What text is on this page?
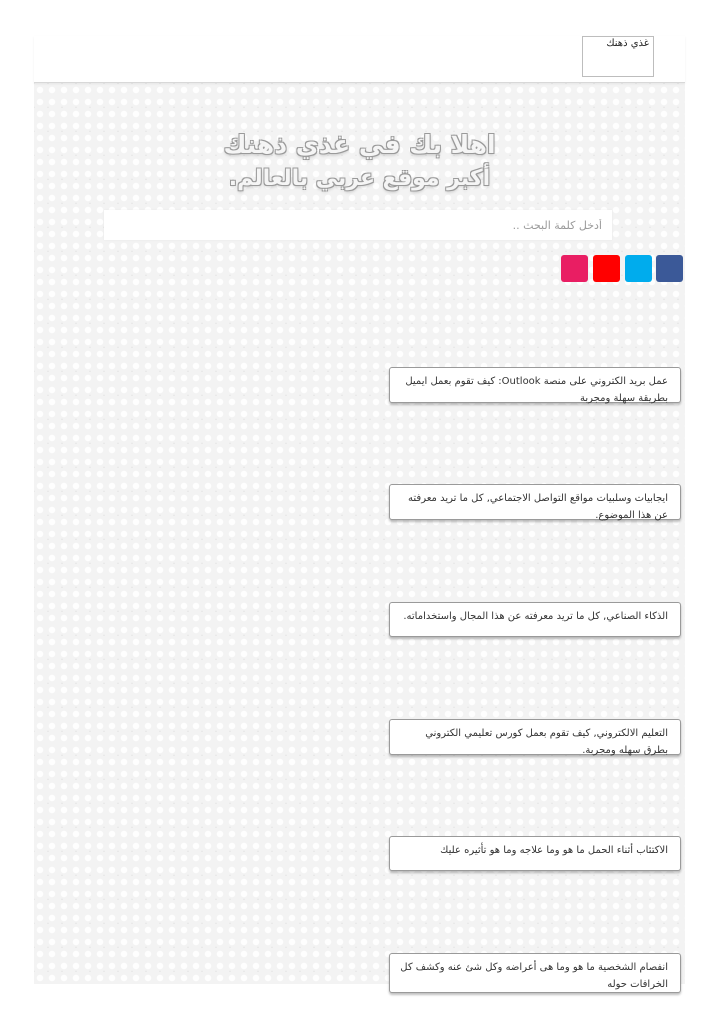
غذي ذهنك
اهلا بك في غذي ذهنك
أكبر موقع عربي بالعالم.
أدخل كلمة البحث ..
عمل بريد الكتروني على منصة Outlook: كيف تقوم بعمل ايميل بطريقة سهلة ومجربة
ايجابيات وسلبيات مواقع التواصل الاجتماعي, كل ما تريد معرفته عن هذا الموضوع.
الذكاء الصناعي, كل ما تريد معرفته عن هذا المجال واستخداماته.
التعليم الالكتروني, كيف تقوم بعمل كورس تعليمي الكتروني بطرق سهله ومجربة.
الاكتئاب أثناء الحمل ما هو وما علاجه وما هو تأثيره عليك
انفصام الشخصية ما هو وما هى أعراضه وكل شئ عنه وكشف كل الخرافات حوله
